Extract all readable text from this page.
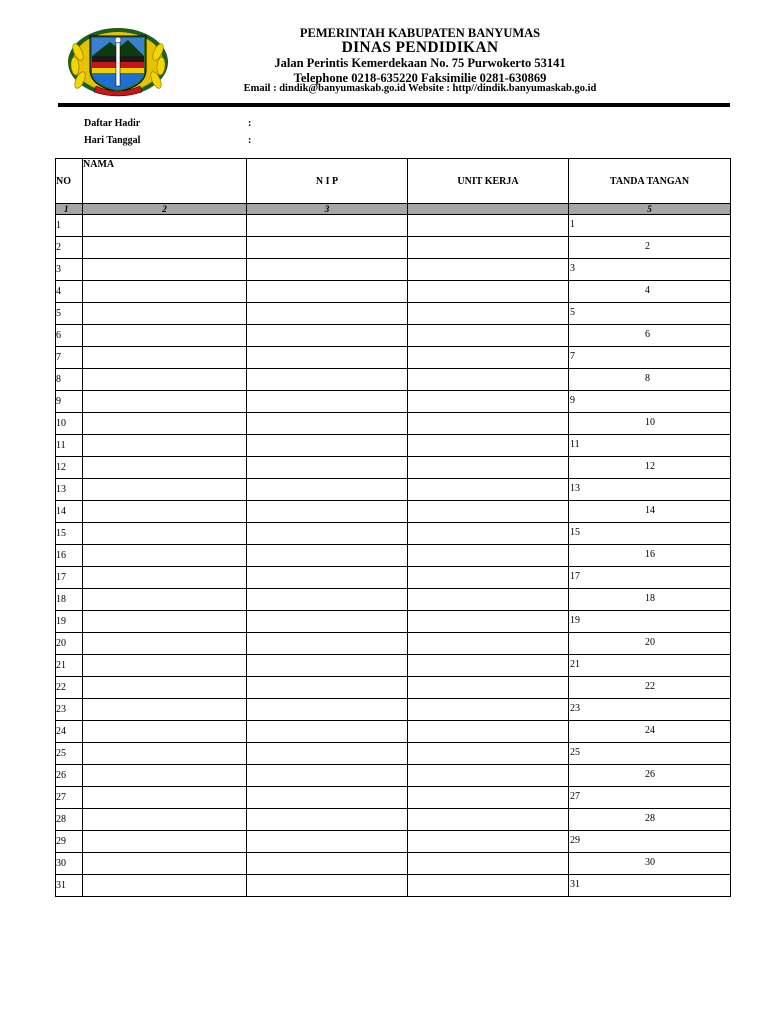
PEMERINTAH KABUPATEN BANYUMAS
DINAS PENDIDIKAN
Jalan Perintis Kemerdekaan No. 75 Purwokerto 53141
Telephone 0218-635220 Faksimilie 0281-630869
Email : dindik@banyumaskab.go.id Website : http//dindik.banyumaskab.go.id
Daftar Hadir	:
Hari Tanggal	:
NO	NAMA	N I P	UNIT KERJA	TANDA TANGAN
1	2	3		5
1				1

2				2

3				3

4				4

5				5

6				6

7				7

8				8

9				9

10				10

11				11

12				12

13				13

14				14

15				15

16				16

17				17

18				18

19				19

20				20

21				21

22				22

23				23

24				24

25				25

26				26

27				27

28				28

29				29

30				30

31				31
